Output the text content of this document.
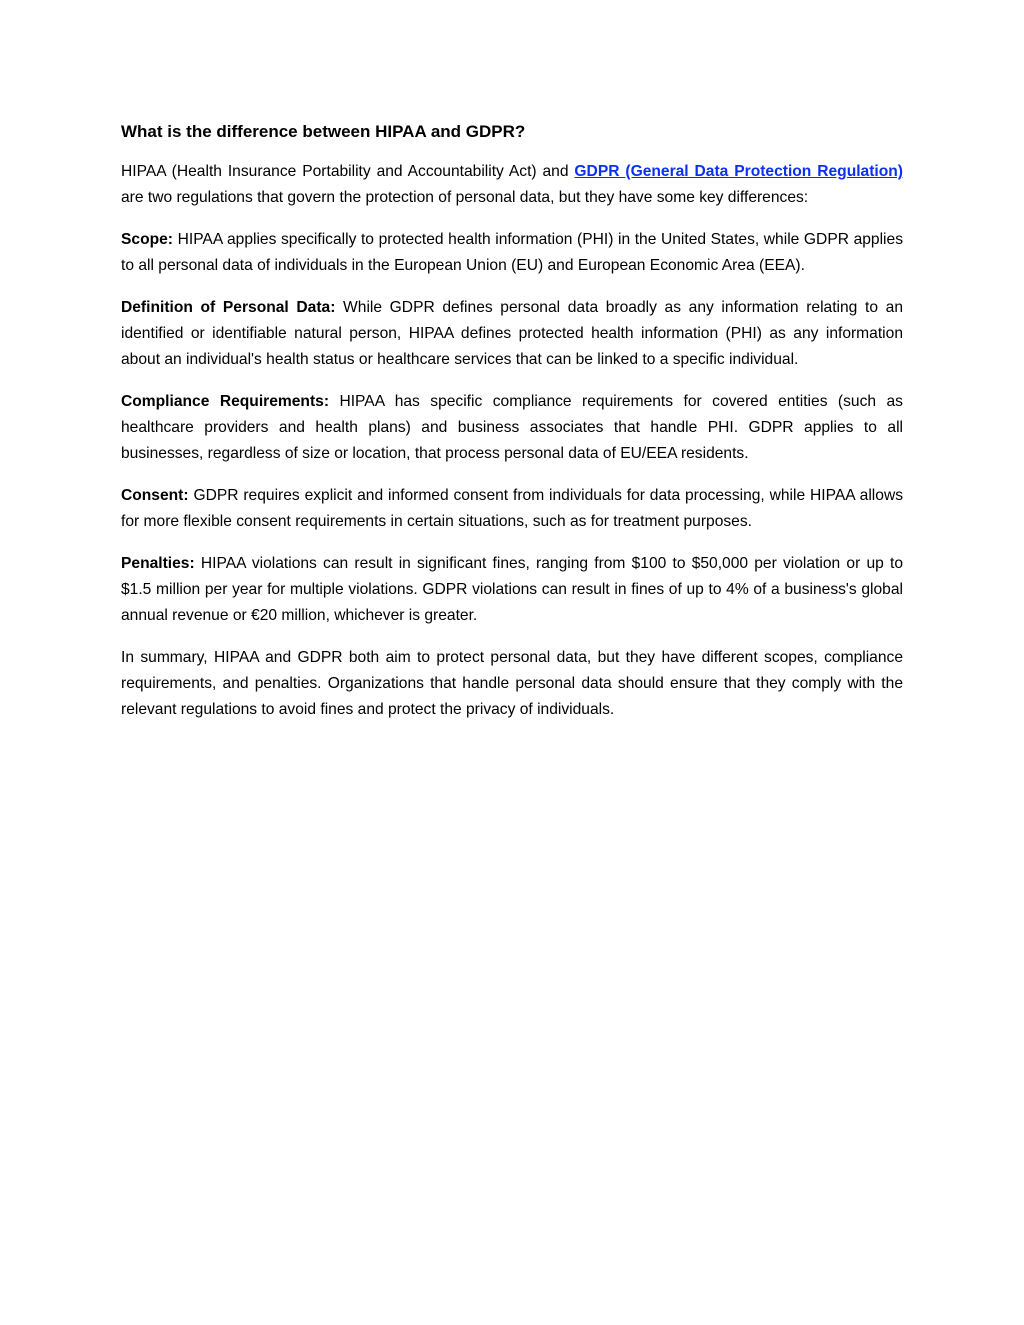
What is the difference between HIPAA and GDPR?

HIPAA (Health Insurance Portability and Accountability Act) and GDPR (General Data Protection Regulation) are two regulations that govern the protection of personal data, but they have some key differences:

Scope: HIPAA applies specifically to protected health information (PHI) in the United States, while GDPR applies to all personal data of individuals in the European Union (EU) and European Economic Area (EEA).

Definition of Personal Data: While GDPR defines personal data broadly as any information relating to an identified or identifiable natural person, HIPAA defines protected health information (PHI) as any information about an individual's health status or healthcare services that can be linked to a specific individual.

Compliance Requirements: HIPAA has specific compliance requirements for covered entities (such as healthcare providers and health plans) and business associates that handle PHI. GDPR applies to all businesses, regardless of size or location, that process personal data of EU/EEA residents.

Consent: GDPR requires explicit and informed consent from individuals for data processing, while HIPAA allows for more flexible consent requirements in certain situations, such as for treatment purposes.

Penalties: HIPAA violations can result in significant fines, ranging from $100 to $50,000 per violation or up to $1.5 million per year for multiple violations. GDPR violations can result in fines of up to 4% of a business's global annual revenue or €20 million, whichever is greater.

In summary, HIPAA and GDPR both aim to protect personal data, but they have different scopes, compliance requirements, and penalties. Organizations that handle personal data should ensure that they comply with the relevant regulations to avoid fines and protect the privacy of individuals.
